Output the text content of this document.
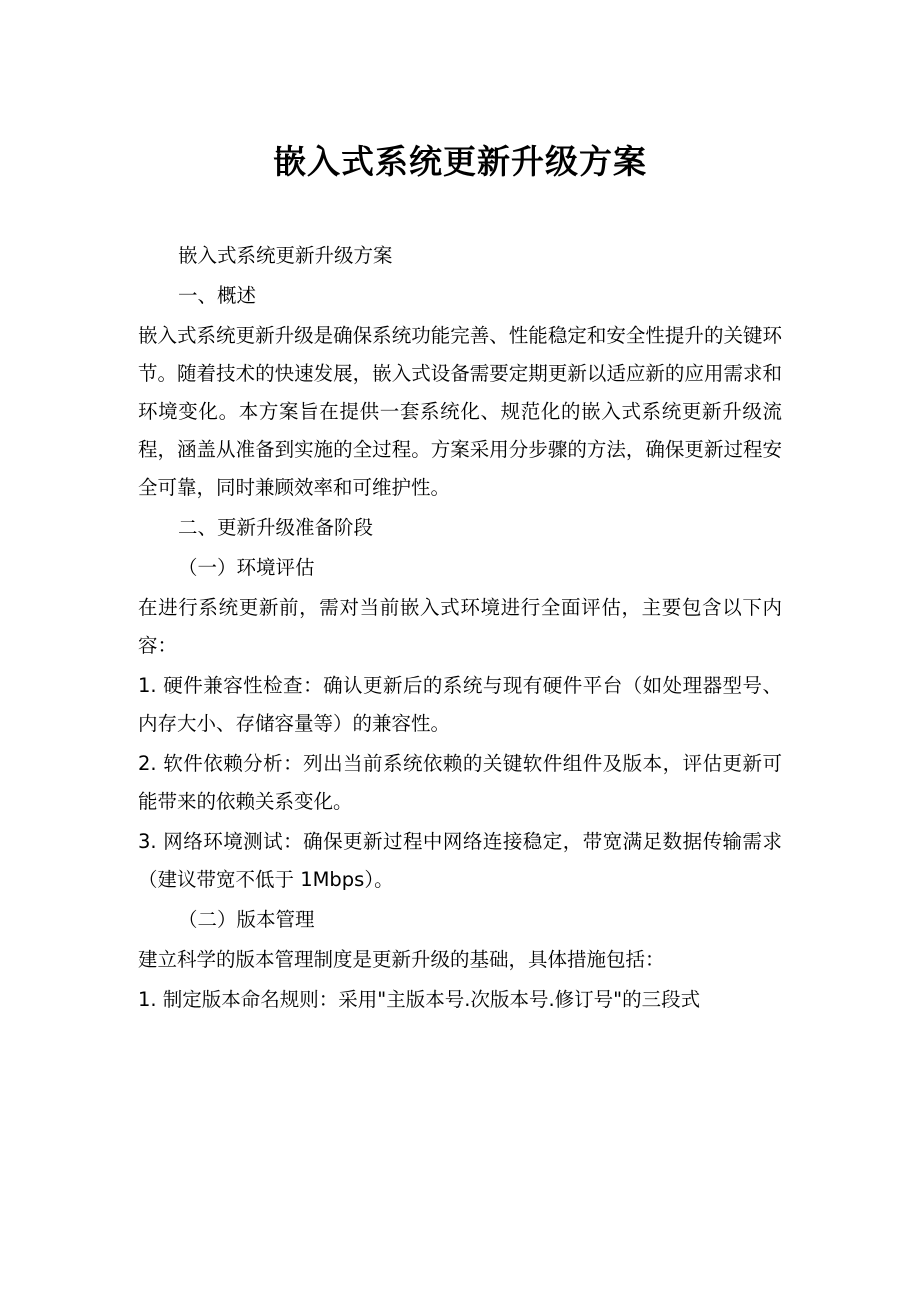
嵌入式系统更新升级方案

嵌入式系统更新升级方案

一、概述

嵌入式系统更新升级是确保系统功能完善、性能稳定和安全性提升的关键环节。随着技术的快速发展，嵌入式设备需要定期更新以适应新的应用需求和环境变化。本方案旨在提供一套系统化、规范化的嵌入式系统更新升级流程，涵盖从准备到实施的全过程。方案采用分步骤的方法，确保更新过程安全可靠，同时兼顾效率和可维护性。

二、更新升级准备阶段

（一）环境评估

在进行系统更新前，需对当前嵌入式环境进行全面评估，主要包含以下内容：

1. 硬件兼容性检查：确认更新后的系统与现有硬件平台（如处理器型号、内存大小、存储容量等）的兼容性。

2. 软件依赖分析：列出当前系统依赖的关键软件组件及版本，评估更新可能带来的依赖关系变化。

3. 网络环境测试：确保更新过程中网络连接稳定，带宽满足数据传输需求（建议带宽不低于 1Mbps）。

（二）版本管理

建立科学的版本管理制度是更新升级的基础，具体措施包括：

1. 制定版本命名规则：采用"主版本号.次版本号.修订号"的三段式
